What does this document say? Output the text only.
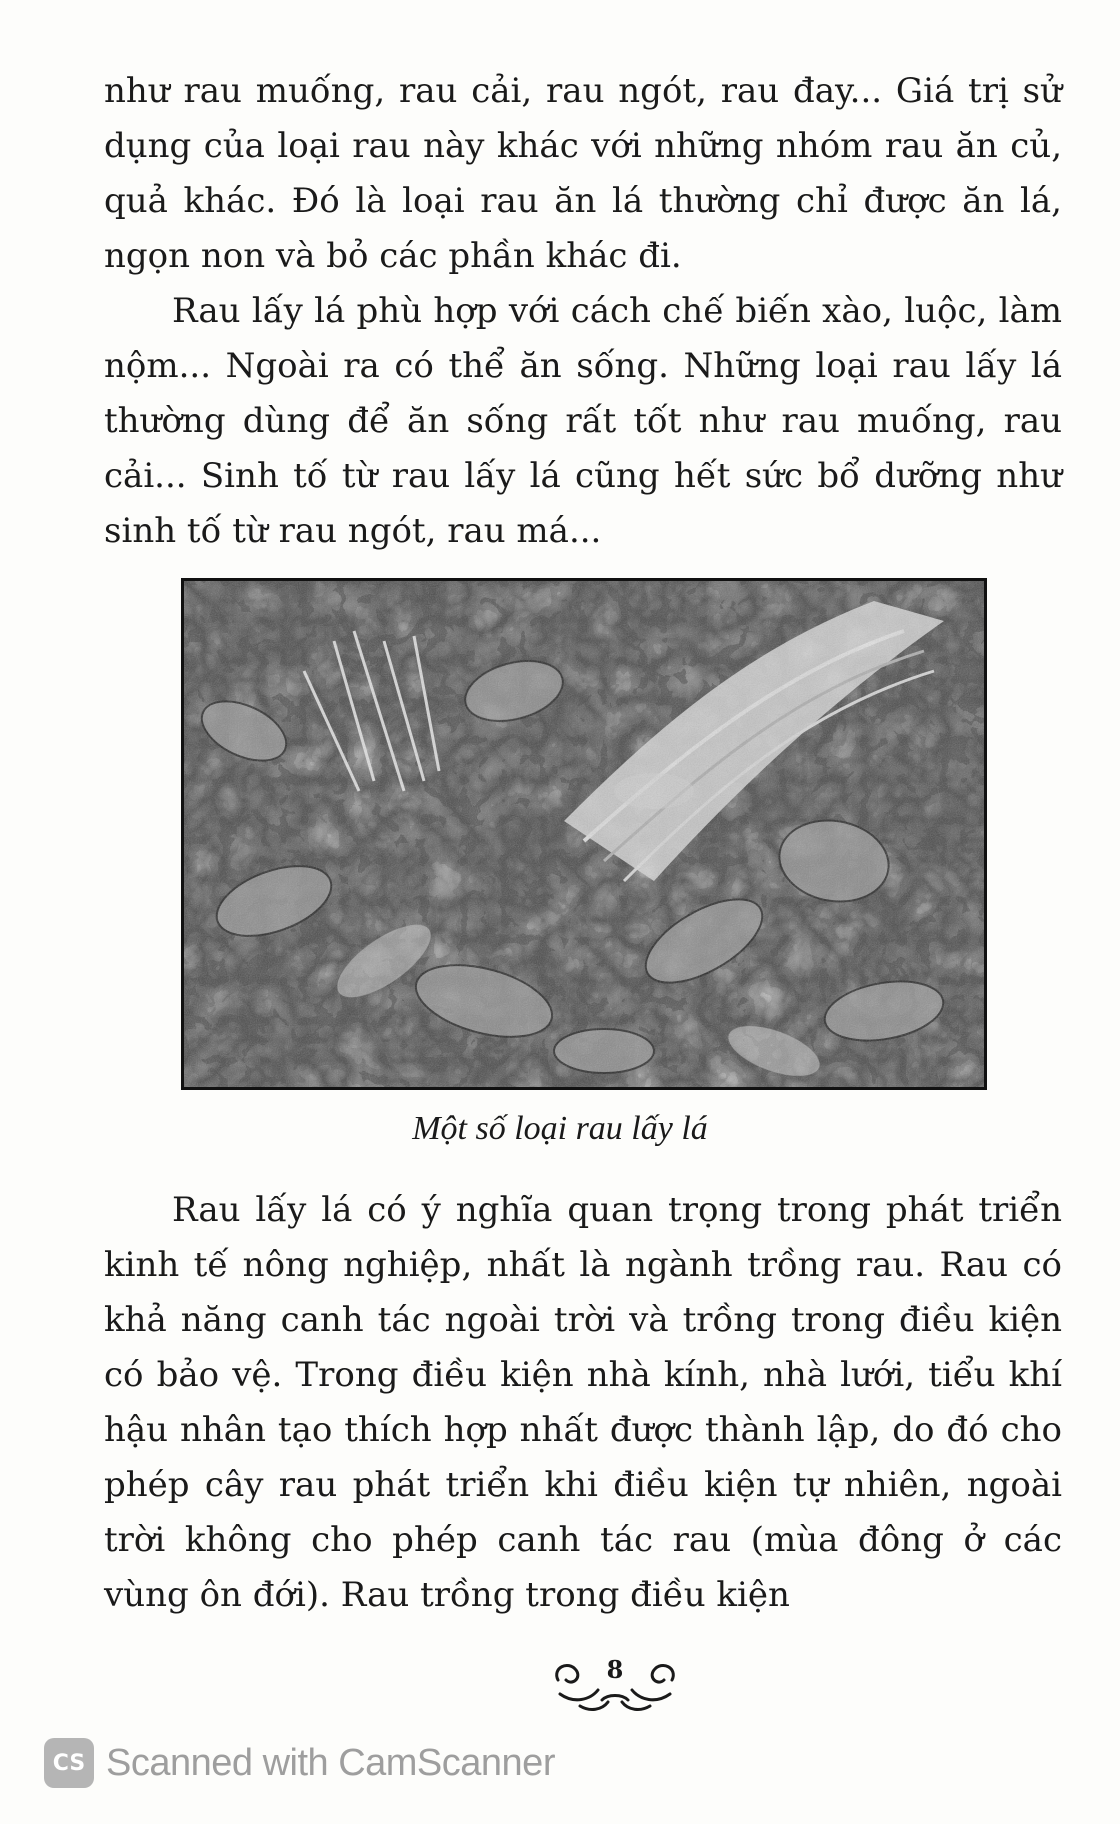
như rau muống, rau cải, rau ngót, rau đay... Giá trị sử dụng của loại rau này khác với những nhóm rau ăn củ, quả khác. Đó là loại rau ăn lá thường chỉ được ăn lá, ngọn non và bỏ các phần khác đi.

Rau lấy lá phù hợp với cách chế biến xào, luộc, làm nộm... Ngoài ra có thể ăn sống. Những loại rau lấy lá thường dùng để ăn sống rất tốt như rau muống, rau cải... Sinh tố từ rau lấy lá cũng hết sức bổ dưỡng như sinh tố từ rau ngót, rau má...

Một số loại rau lấy lá

Rau lấy lá có ý nghĩa quan trọng trong phát triển kinh tế nông nghiệp, nhất là ngành trồng rau. Rau có khả năng canh tác ngoài trời và trồng trong điều kiện có bảo vệ. Trong điều kiện nhà kính, nhà lưới, tiểu khí hậu nhân tạo thích hợp nhất được thành lập, do đó cho phép cây rau phát triển khi điều kiện tự nhiên, ngoài trời không cho phép canh tác rau (mùa đông ở các vùng ôn đới). Rau trồng trong điều kiện

8
CS Scanned with CamScanner
